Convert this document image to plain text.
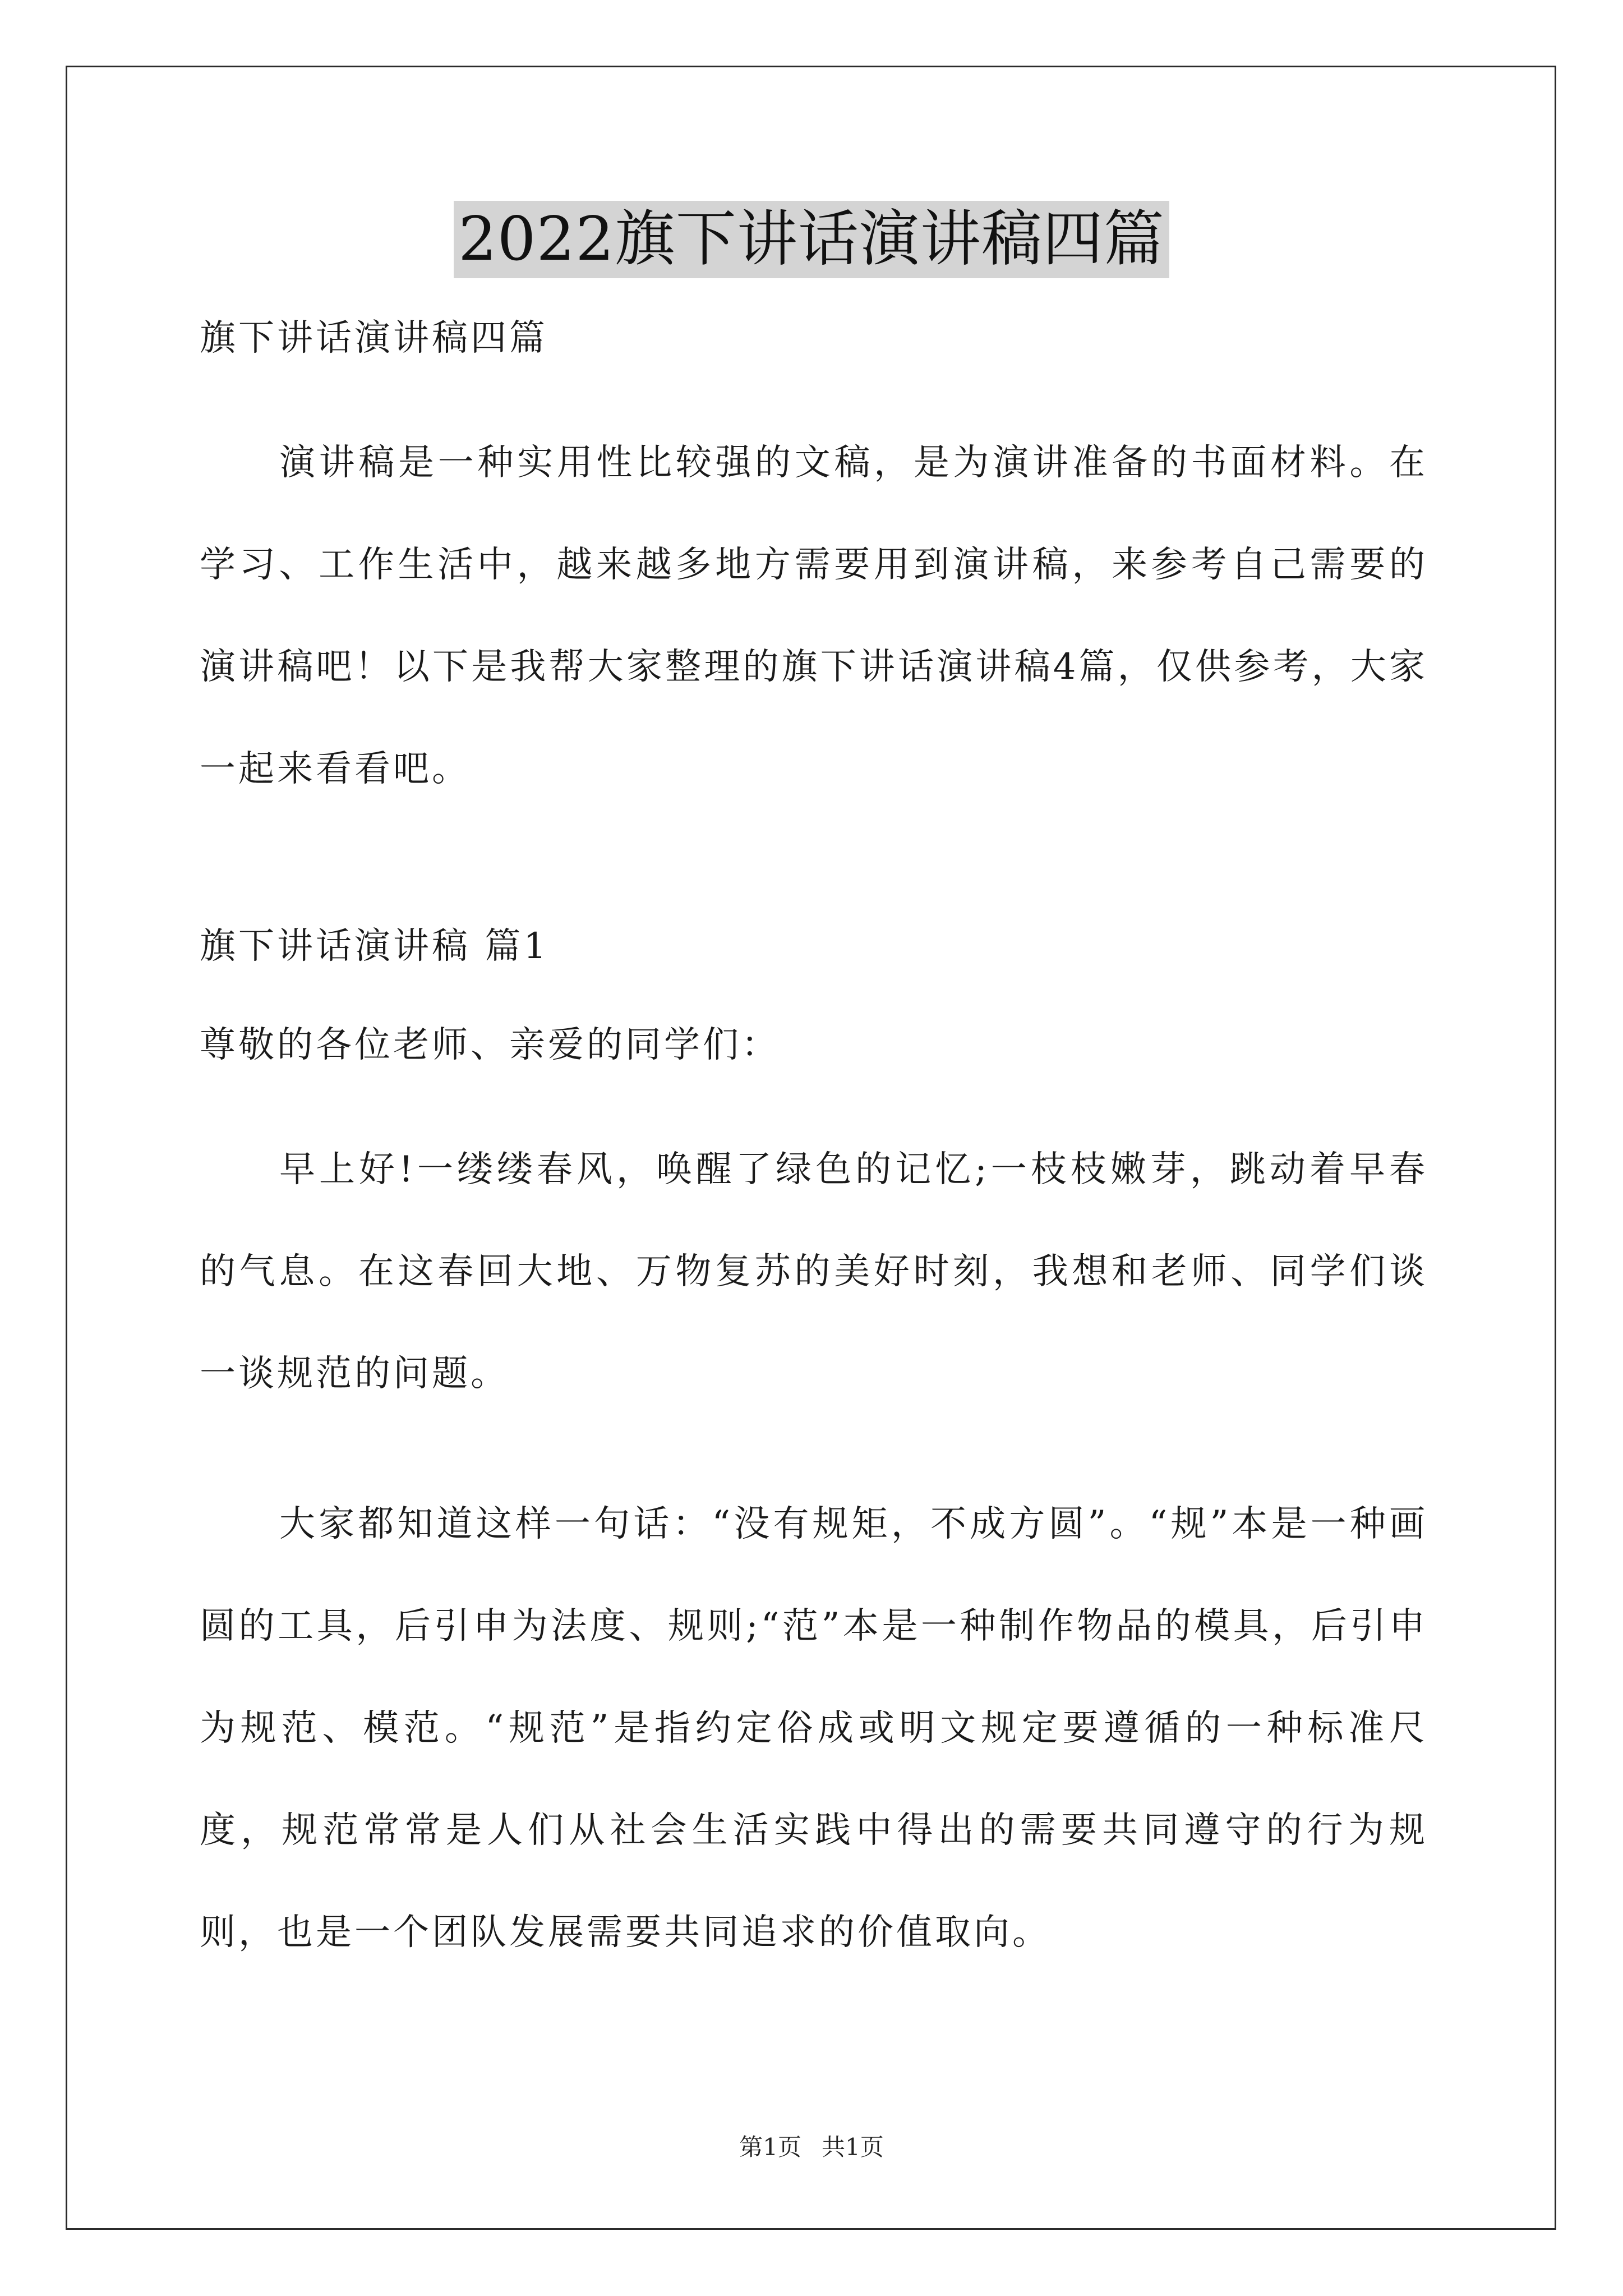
2022旗下讲话演讲稿四篇

旗下讲话演讲稿四篇

演讲稿是一种实用性比较强的文稿，是为演讲准备的书面材料。在学习、工作生活中，越来越多地方需要用到演讲稿，来参考自己需要的演讲稿吧！以下是我帮大家整理的旗下讲话演讲稿4篇，仅供参考，大家一起来看看吧。

旗下讲话演讲稿 篇1

尊敬的各位老师、亲爱的同学们：

早上好!一缕缕春风，唤醒了绿色的记忆;一枝枝嫩芽，跳动着早春的气息。在这春回大地、万物复苏的美好时刻，我想和老师、同学们谈一谈规范的问题。

大家都知道这样一句话：“没有规矩，不成方圆”。“规”本是一种画圆的工具，后引申为法度、规则;“范”本是一种制作物品的模具，后引申为规范、模范。“规范”是指约定俗成或明文规定要遵循的一种标准尺度，规范常常是人们从社会生活实践中得出的需要共同遵守的行为规则，也是一个团队发展需要共同追求的价值取向。

第1页 共1页
